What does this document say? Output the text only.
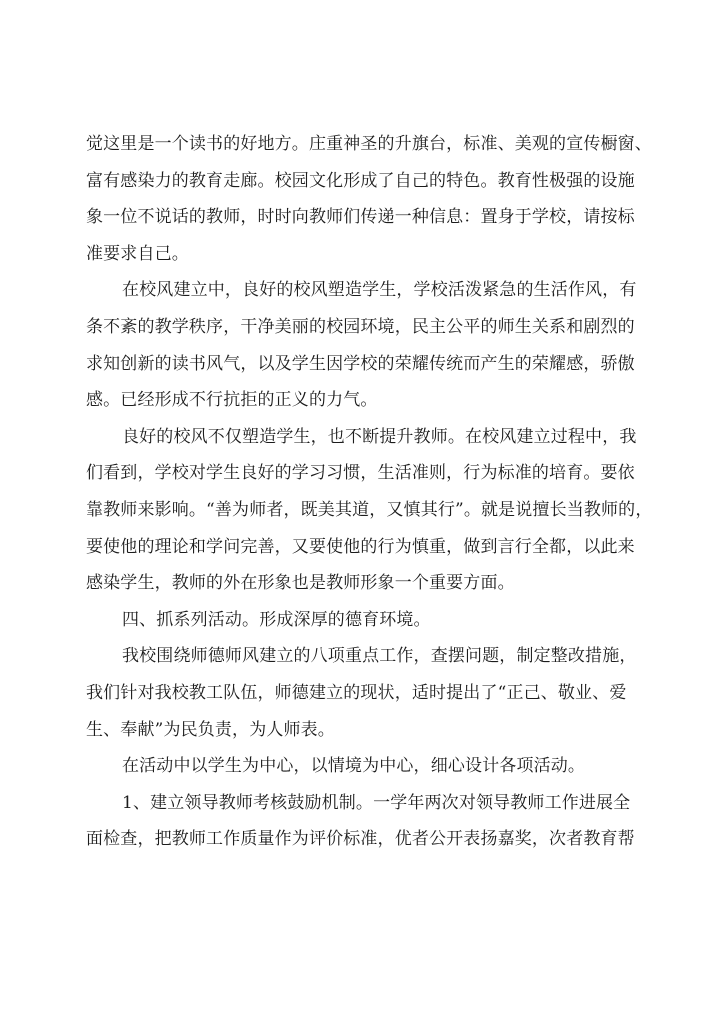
觉这里是一个读书的好地方。庄重神圣的升旗台，标准、美观的宣传橱窗、
富有感染力的教育走廊。校园文化形成了自己的特色。教育性极强的设施
象一位不说话的教师，时时向教师们传递一种信息：置身于学校，请按标
准要求自己。
在校风建立中，良好的校风塑造学生，学校活泼紧急的生活作风，有
条不紊的教学秩序，干净美丽的校园环境，民主公平的师生关系和剧烈的
求知创新的读书风气，以及学生因学校的荣耀传统而产生的荣耀感，骄傲
感。已经形成不行抗拒的正义的力气。
良好的校风不仅塑造学生，也不断提升教师。在校风建立过程中，我
们看到，学校对学生良好的学习习惯，生活准则，行为标准的培育。要依
靠教师来影响。“善为师者，既美其道，又慎其行”。就是说擅长当教师的，
要使他的理论和学问完善，又要使他的行为慎重，做到言行全都，以此来
感染学生，教师的外在形象也是教师形象一个重要方面。
四、抓系列活动。形成深厚的德育环境。
我校围绕师德师风建立的八项重点工作，查摆问题，制定整改措施，
我们针对我校教工队伍，师德建立的现状，适时提出了“正己、敬业、爱
生、奉献”为民负责，为人师表。
在活动中以学生为中心，以情境为中心，细心设计各项活动。
1、建立领导教师考核鼓励机制。一学年两次对领导教师工作进展全
面检查，把教师工作质量作为评价标准，优者公开表扬嘉奖，次者教育帮
